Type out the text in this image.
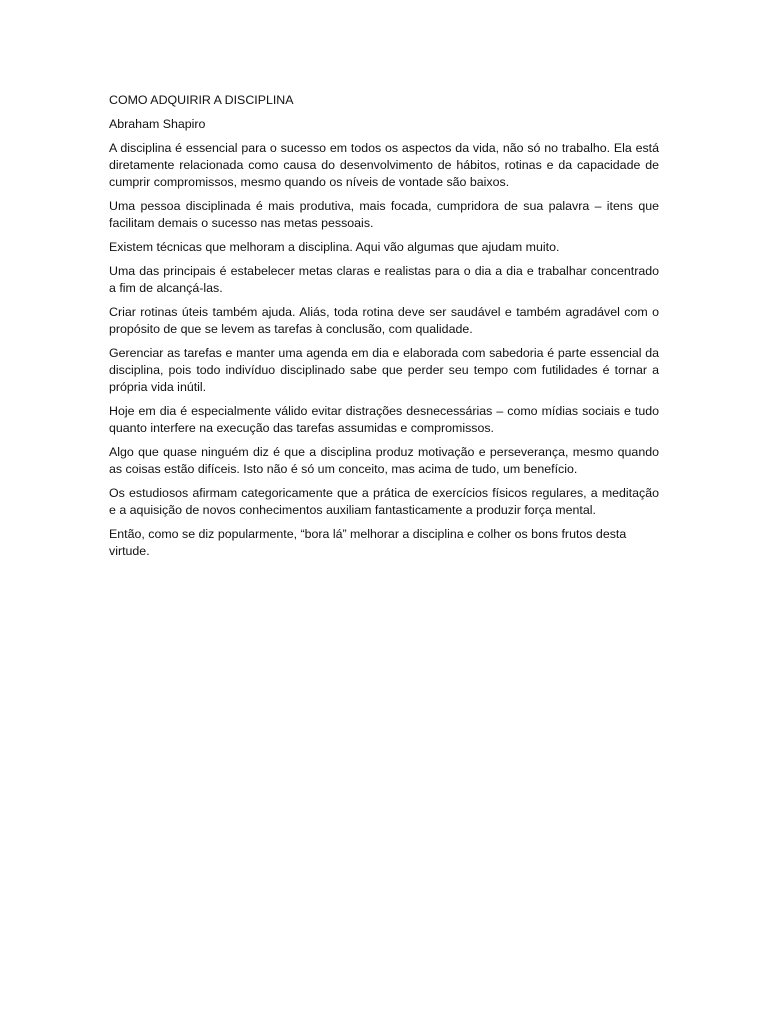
COMO ADQUIRIR A DISCIPLINA

Abraham Shapiro

A disciplina é essencial para o sucesso em todos os aspectos da vida, não só no trabalho. Ela está diretamente relacionada como causa do desenvolvimento de hábitos, rotinas e da capacidade de cumprir compromissos, mesmo quando os níveis de vontade são baixos.

Uma pessoa disciplinada é mais produtiva, mais focada, cumpridora de sua palavra – itens que facilitam demais o sucesso nas metas pessoais.

Existem técnicas que melhoram a disciplina. Aqui vão algumas que ajudam muito.

Uma das principais é estabelecer metas claras e realistas para o dia a dia e trabalhar concentrado a fim de alcançá-las.

Criar rotinas úteis também ajuda. Aliás, toda rotina deve ser saudável e também agradável com o propósito de que se levem as tarefas à conclusão, com qualidade.

Gerenciar as tarefas e manter uma agenda em dia e elaborada com sabedoria é parte essencial da disciplina, pois todo indivíduo disciplinado sabe que perder seu tempo com futilidades é tornar a própria vida inútil.

Hoje em dia é especialmente válido evitar distrações desnecessárias – como mídias sociais e tudo quanto interfere na execução das tarefas assumidas e compromissos.

Algo que quase ninguém diz é que a disciplina produz motivação e perseverança, mesmo quando as coisas estão difíceis. Isto não é só um conceito, mas acima de tudo, um benefício.

Os estudiosos afirmam categoricamente que a prática de exercícios físicos regulares, a meditação e a aquisição de novos conhecimentos auxiliam fantasticamente a produzir força mental.

Então, como se diz popularmente, “bora lá” melhorar a disciplina e colher os bons frutos desta virtude.
